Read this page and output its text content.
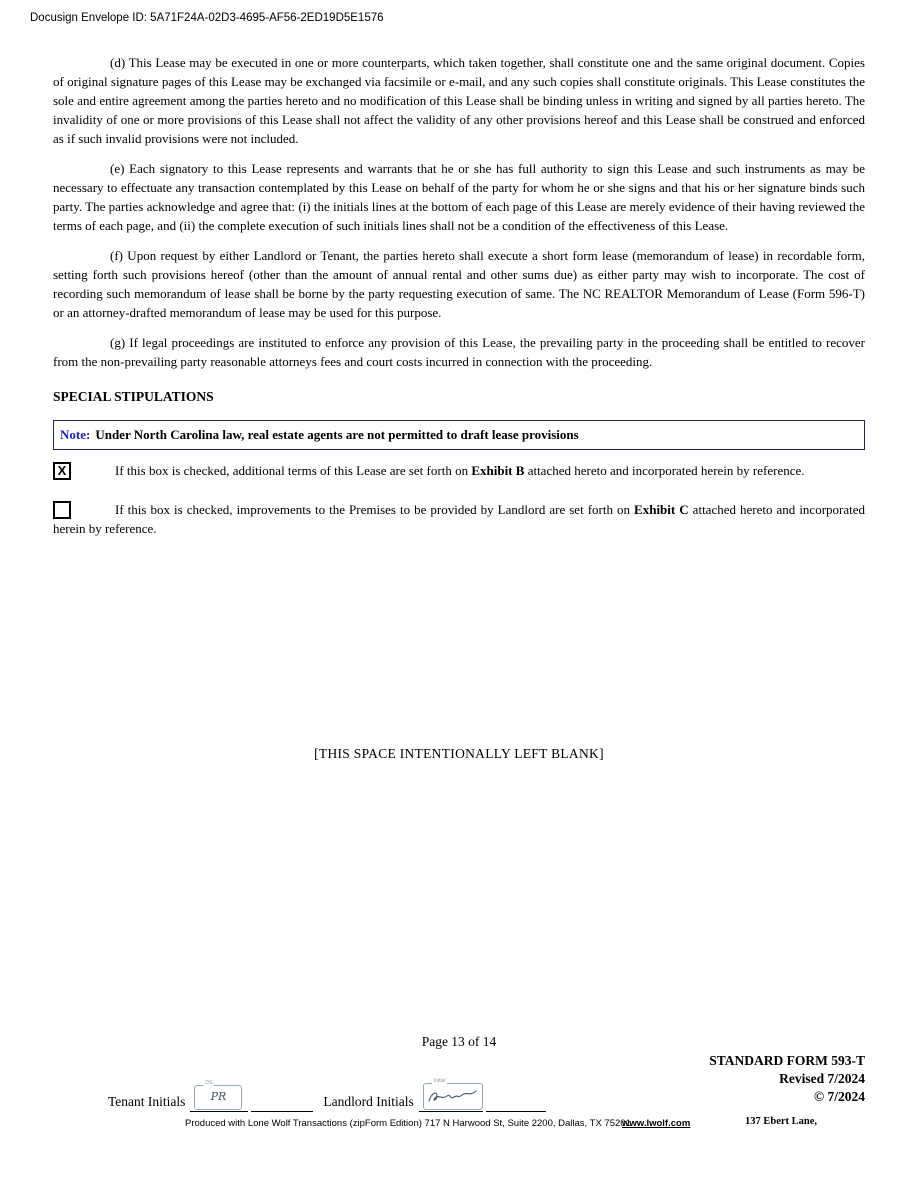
Docusign Envelope ID: 5A71F24A-02D3-4695-AF56-2ED19D5E1576

(d) This Lease may be executed in one or more counterparts, which taken together, shall constitute one and the same original document. Copies of original signature pages of this Lease may be exchanged via facsimile or e-mail, and any such copies shall constitute originals. This Lease constitutes the sole and entire agreement among the parties hereto and no modification of this Lease shall be binding unless in writing and signed by all parties hereto. The invalidity of one or more provisions of this Lease shall not affect the validity of any other provisions hereof and this Lease shall be construed and enforced as if such invalid provisions were not included.

(e) Each signatory to this Lease represents and warrants that he or she has full authority to sign this Lease and such instruments as may be necessary to effectuate any transaction contemplated by this Lease on behalf of the party for whom he or she signs and that his or her signature binds such party. The parties acknowledge and agree that: (i) the initials lines at the bottom of each page of this Lease are merely evidence of their having reviewed the terms of each page, and (ii) the complete execution of such initials lines shall not be a condition of the effectiveness of this Lease.

(f) Upon request by either Landlord or Tenant, the parties hereto shall execute a short form lease (memorandum of lease) in recordable form, setting forth such provisions hereof (other than the amount of annual rental and other sums due) as either party may wish to incorporate. The cost of recording such memorandum of lease shall be borne by the party requesting execution of same. The NC REALTOR Memorandum of Lease (Form 596-T) or an attorney-drafted memorandum of lease may be used for this purpose.

(g) If legal proceedings are instituted to enforce any provision of this Lease, the prevailing party in the proceeding shall be entitled to recover from the non-prevailing party reasonable attorneys fees and court costs incurred in connection with the proceeding.

SPECIAL STIPULATIONS

Note: Under North Carolina law, real estate agents are not permitted to draft lease provisions
X	If this box is checked, additional terms of this Lease are set forth on Exhibit B attached hereto and incorporated herein by reference.

If this box is checked, improvements to the Premises to be provided by Landlord are set forth on Exhibit C attached hereto and incorporated herein by reference.

[THIS SPACE INTENTIONALLY LEFT BLANK]
Page 13 of 14
STANDARD FORM 593-T
Revised 7/2024
© 7/2024
Tenant Initials
DS
PR	Landlord Initials
Initial
Produced with Lone Wolf Transactions (zipForm Edition) 717 N Harwood St, Suite 2200, Dallas, TX 75201
www.lwolf.com	137 Ebert Lane,
